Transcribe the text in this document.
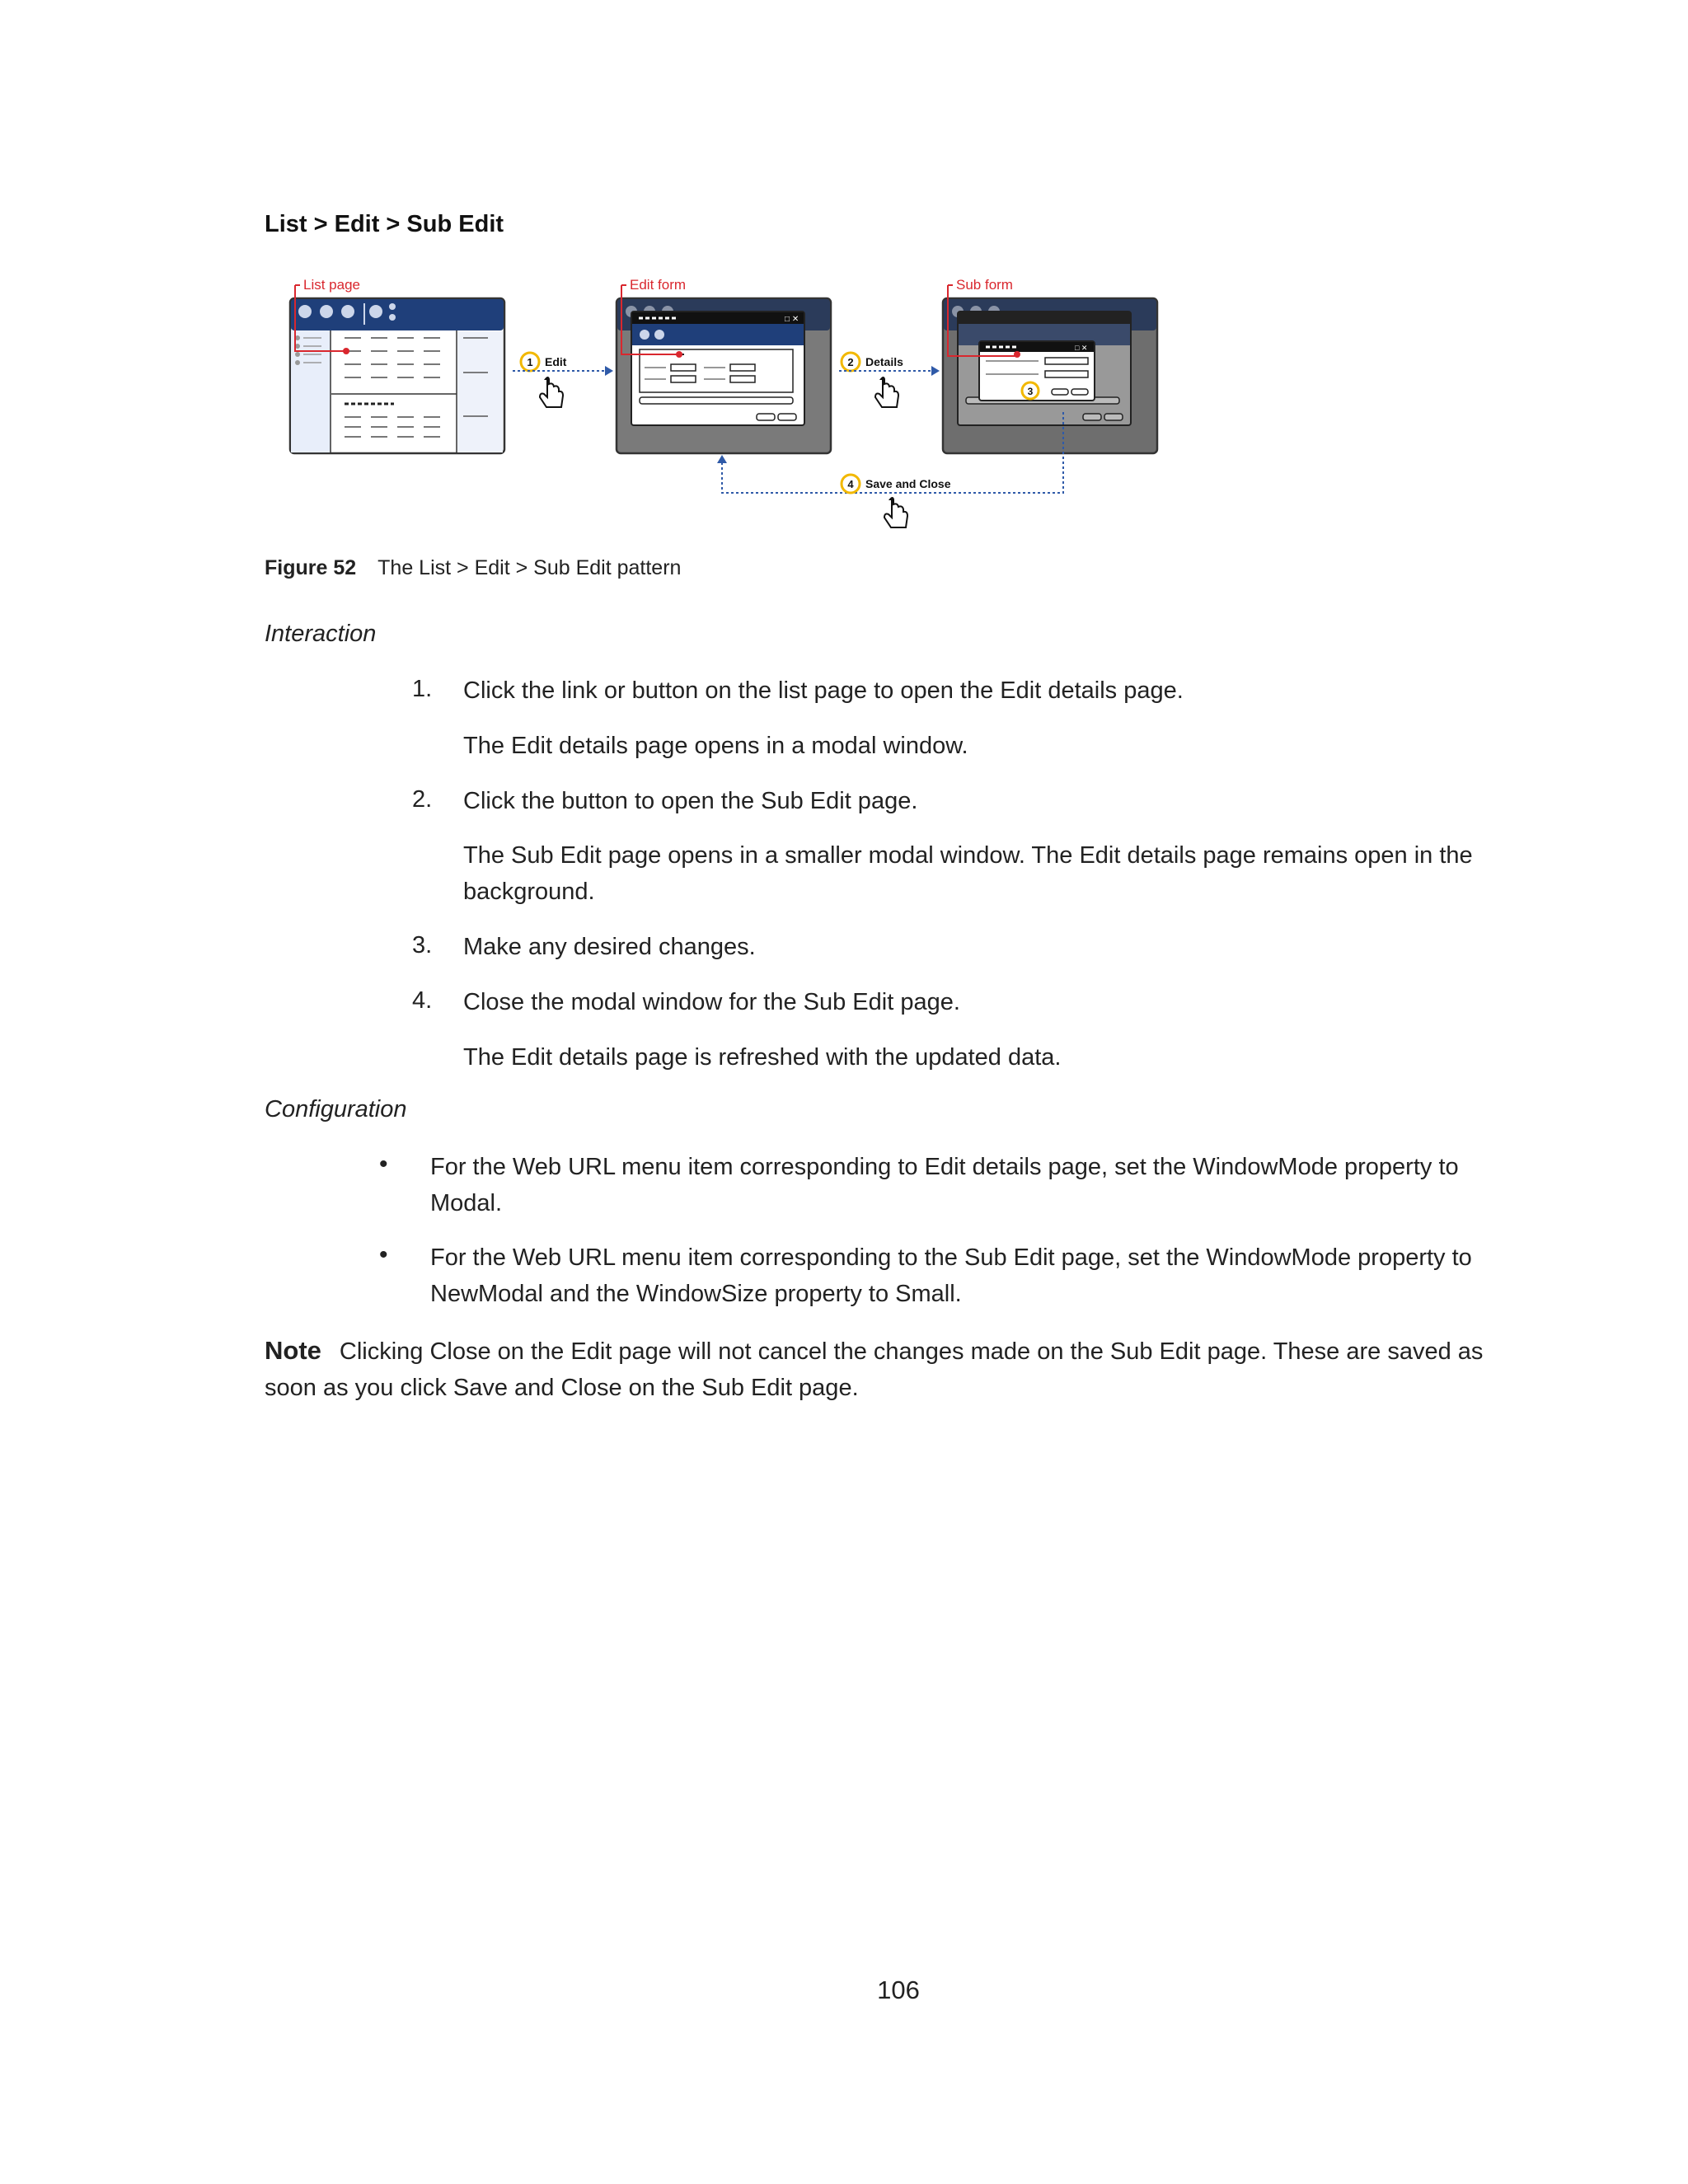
List > Edit > Sub Edit
List page
1 Edit
□ ✕
Edit form
2 Details
□ ✕
3
Sub form
4 Save and Close
Figure 52 The List > Edit > Sub Edit pattern
Interaction
1. Click the link or button on the list page to open the Edit details page.
The Edit details page opens in a modal window.
2. Click the button to open the Sub Edit page.
The Sub Edit page opens in a smaller modal window. The Edit details page remains open in the background.
3. Make any desired changes.
4. Close the modal window for the Sub Edit page.
The Edit details page is refreshed with the updated data.
Configuration
• For the Web URL menu item corresponding to Edit details page, set the WindowMode property to Modal.
• For the Web URL menu item corresponding to the Sub Edit page, set the WindowMode property to NewModal and the WindowSize property to Small.
Note Clicking Close on the Edit page will not cancel the changes made on the Sub Edit page. These are saved as soon as you click Save and Close on the Sub Edit page.
106
